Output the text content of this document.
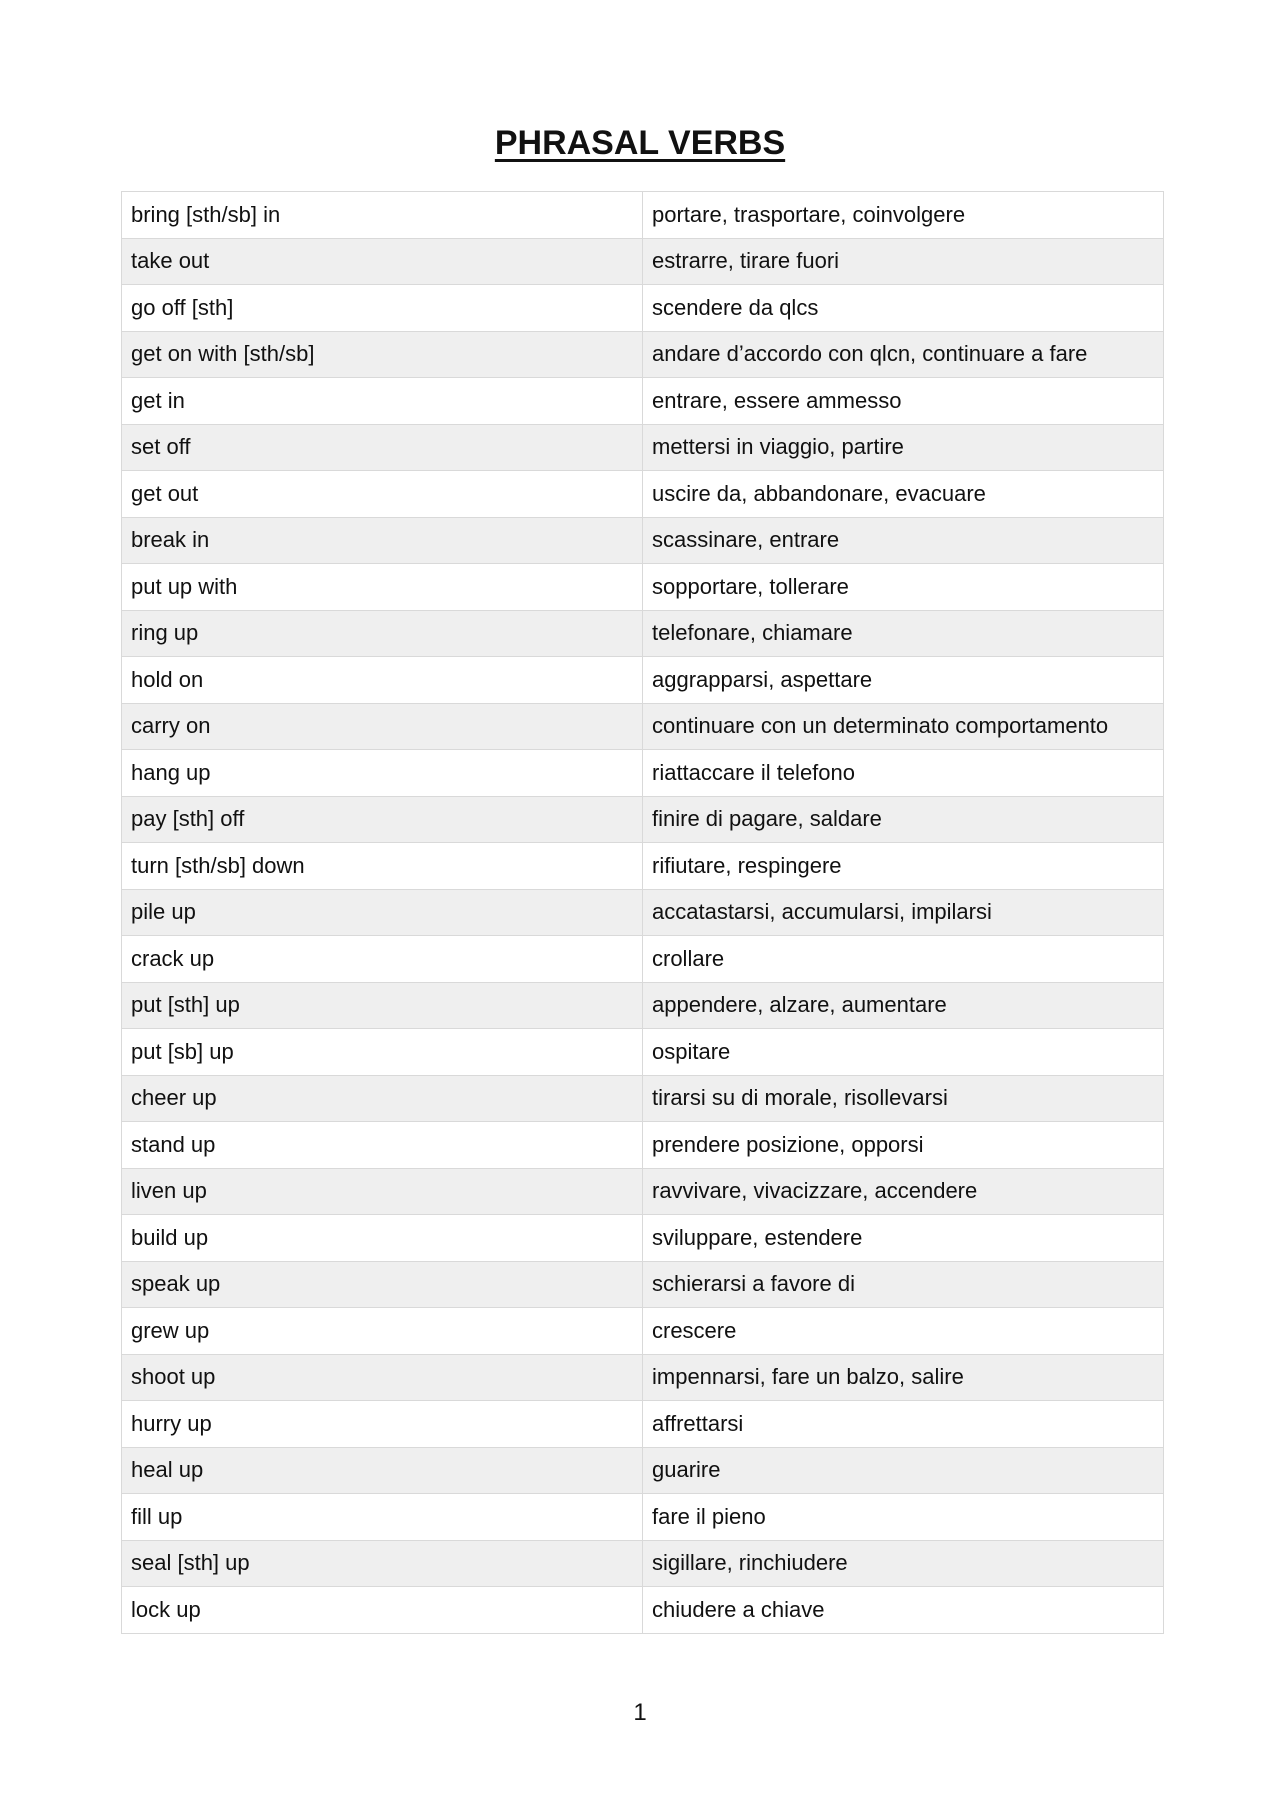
PHRASAL VERBS
bring [sth/sb] in	portare, trasportare, coinvolgere
take out	estrarre, tirare fuori
go off [sth]	scendere da qlcs
get on with [sth/sb]	andare d’accordo con qlcn, continuare a fare
get in	entrare, essere ammesso
set off	mettersi in viaggio, partire
get out	uscire da, abbandonare, evacuare
break in	scassinare, entrare
put up with	sopportare, tollerare
ring up	telefonare, chiamare
hold on	aggrapparsi, aspettare
carry on	continuare con un determinato comportamento
hang up	riattaccare il telefono
pay [sth] off	finire di pagare, saldare
turn [sth/sb] down	rifiutare, respingere
pile up	accatastarsi, accumularsi, impilarsi
crack up	crollare
put [sth] up	appendere, alzare, aumentare
put [sb] up	ospitare
cheer up	tirarsi su di morale, risollevarsi
stand up	prendere posizione, opporsi
liven up	ravvivare, vivacizzare, accendere
build up	sviluppare, estendere
speak up	schierarsi a favore di
grew up	crescere
shoot up	impennarsi, fare un balzo, salire
hurry up	affrettarsi
heal up	guarire
fill up	fare il pieno
seal [sth] up	sigillare, rinchiudere
lock up	chiudere a chiave
1
